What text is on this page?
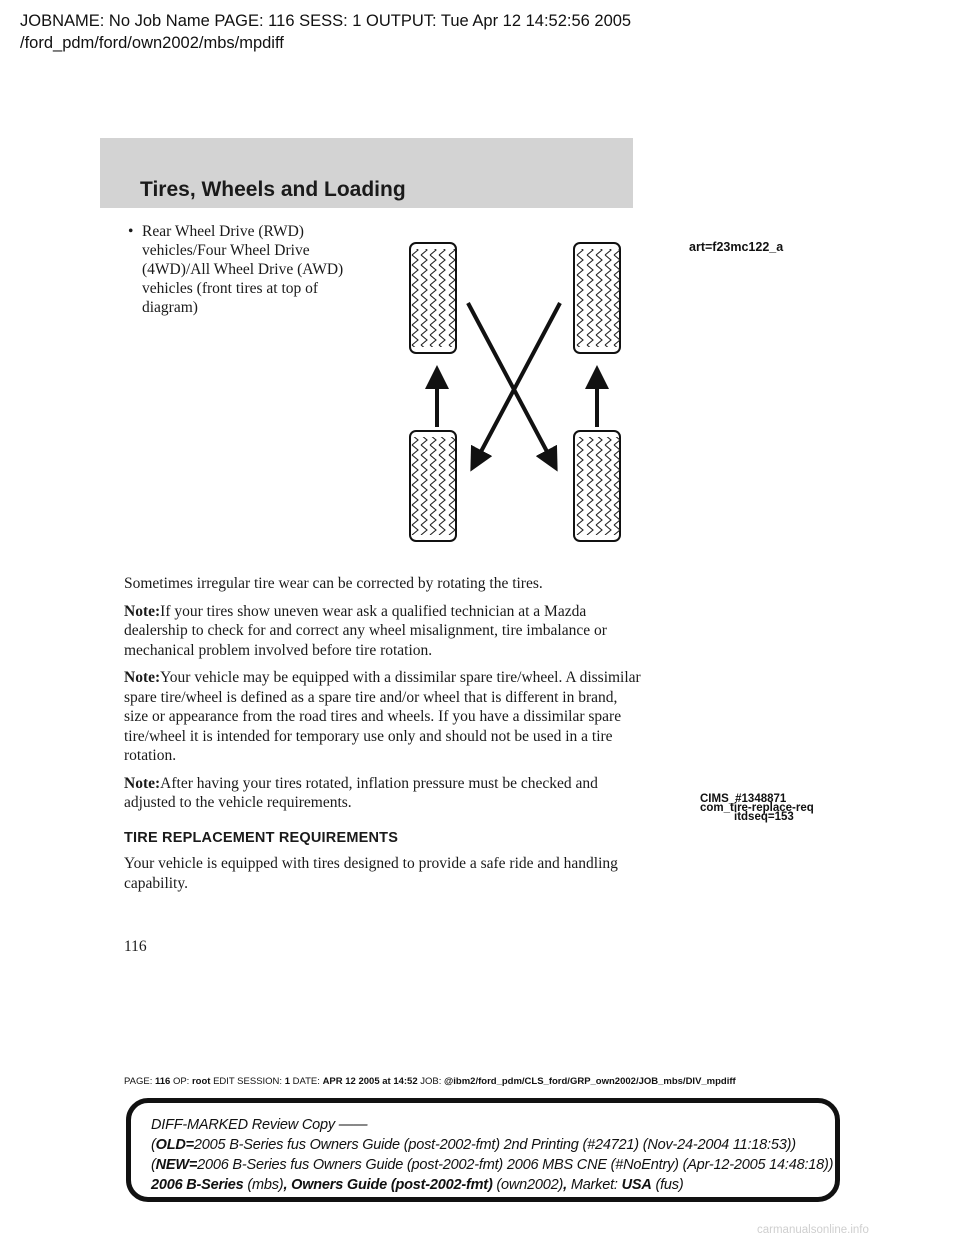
JOBNAME: No Job Name PAGE: 116 SESS: 1 OUTPUT: Tue Apr 12 14:52:56 2005
/ford_pdm/ford/own2002/mbs/mpdiff
Tires, Wheels and Loading
• Rear Wheel Drive (RWD)
vehicles/Four Wheel Drive
(4WD)/All Wheel Drive (AWD)
vehicles (front tires at top of
diagram)
art=f23mc122_a

Sometimes irregular tire wear can be corrected by rotating the tires.

Note:If your tires show uneven wear ask a qualified technician at a Mazda dealership to check for and correct any wheel misalignment, tire imbalance or mechanical problem involved before tire rotation.

Note:Your vehicle may be equipped with a dissimilar spare tire/wheel. A dissimilar spare tire/wheel is defined as a spare tire and/or wheel that is different in brand, size or appearance from the road tires and wheels. If you have a dissimilar spare tire/wheel it is intended for temporary use only and should not be used in a tire rotation.

Note:After having your tires rotated, inflation pressure must be checked and adjusted to the vehicle requirements.

TIRE REPLACEMENT REQUIREMENTS

Your vehicle is equipped with tires designed to provide a safe ride and handling capability.

CIMS_#1348871
com_tire-replace-req
itdseq=153
116
PAGE: 116 OP: root EDIT SESSION: 1 DATE: APR 12 2005 at 14:52 JOB: @ibm2/ford_pdm/CLS_ford/GRP_own2002/JOB_mbs/DIV_mpdiff
DIFF-MARKED Review Copy ——
(OLD=2005 B-Series fus Owners Guide (post-2002-fmt) 2nd Printing (#24721) (Nov-24-2004 11:18:53))
(NEW=2006 B-Series fus Owners Guide (post-2002-fmt) 2006 MBS CNE (#NoEntry) (Apr-12-2005 14:48:18))
2006 B-Series (mbs), Owners Guide (post-2002-fmt) (own2002), Market: USA (fus)
carmanualsonline.info
